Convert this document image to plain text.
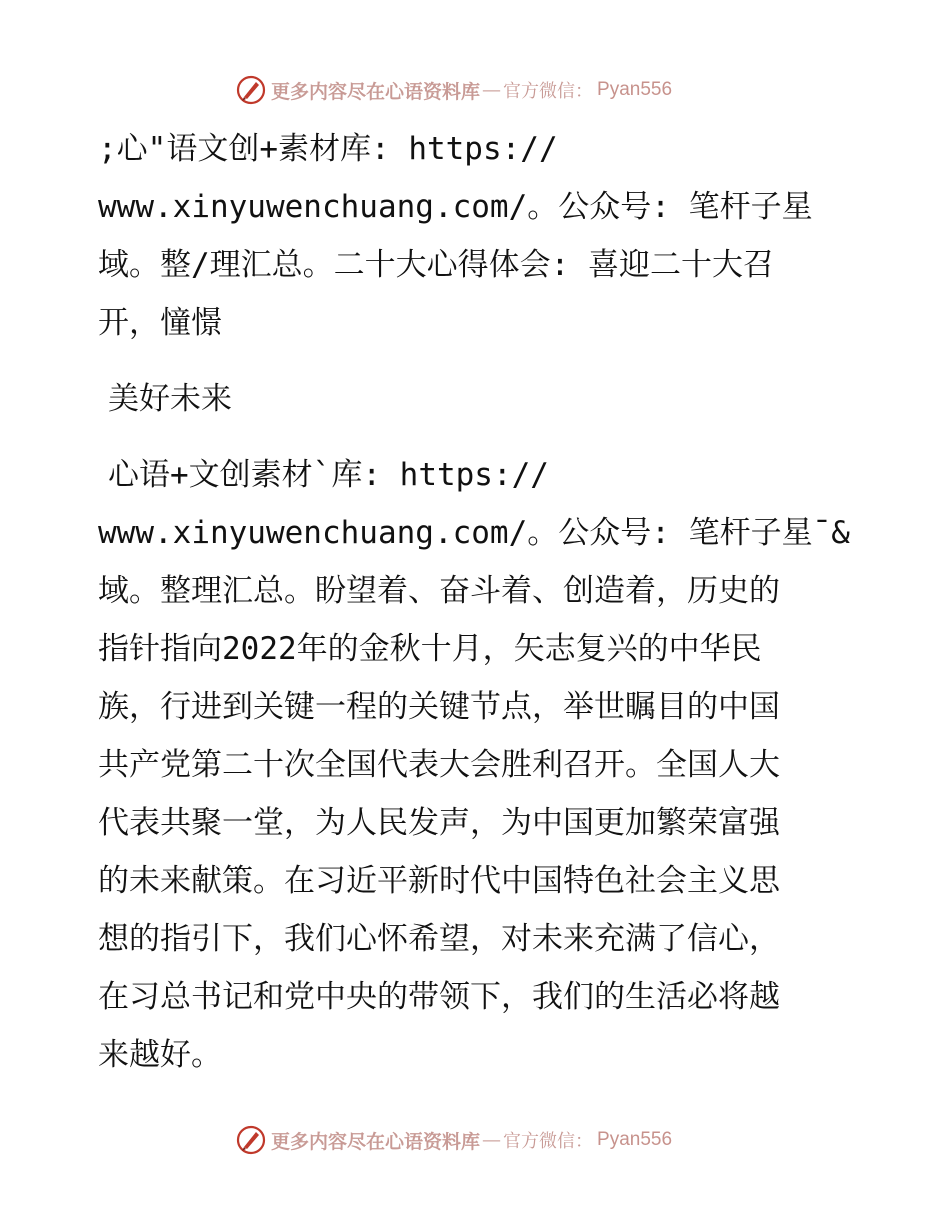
更多内容尽在心语资料库 — 官方微信： Pyan556

;心"语文创+素材库: https://

www.xinyuwenchuang.com/。公众号: 笔杆子星

域。整/理汇总。二十大心得体会: 喜迎二十大召

开，憧憬

美好未来

心语+文创素材`库: https://

www.xinyuwenchuang.com/。公众号: 笔杆子星¯&

域。整理汇总。盼望着、奋斗着、创造着，历史的

指针指向2022年的金秋十月，矢志复兴的中华民

族，行进到关键一程的关键节点，举世瞩目的中国

共产党第二十次全国代表大会胜利召开。全国人大

代表共聚一堂，为人民发声，为中国更加繁荣富强

的未来献策。在习近平新时代中国特色社会主义思

想的指引下，我们心怀希望，对未来充满了信心，

在习总书记和党中央的带领下，我们的生活必将越

来越好。

更多内容尽在心语资料库 — 官方微信： Pyan556
